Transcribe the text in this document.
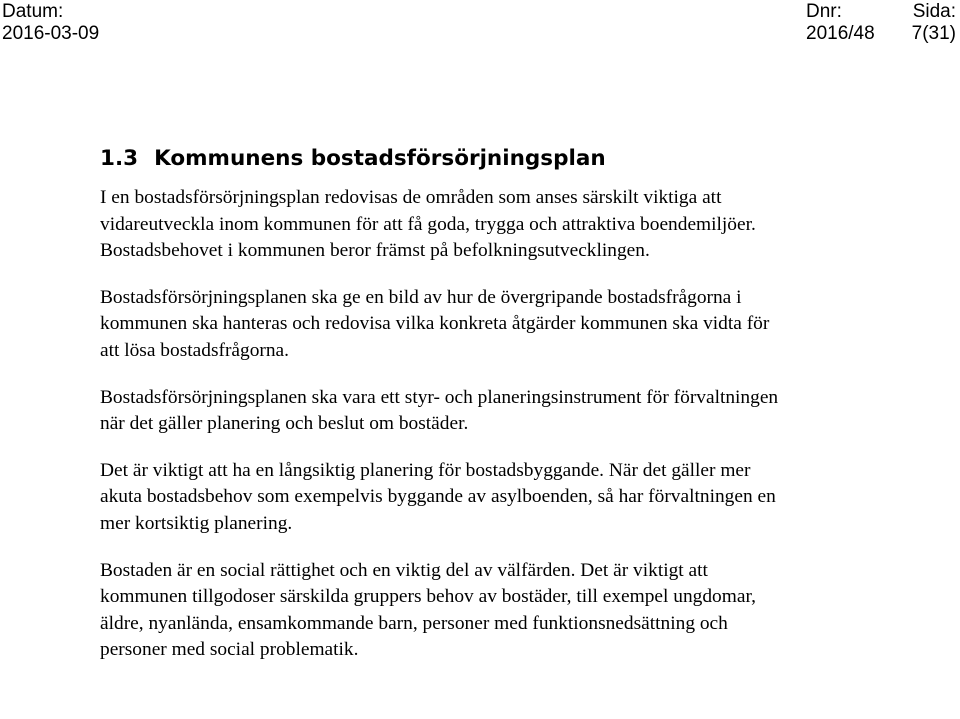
Datum:
2016-03-09
Dnr:
2016/48
Sida:
7(31)
1.3 Kommunens bostadsförsörjningsplan

I en bostadsförsörjningsplan redovisas de områden som anses särskilt viktiga att
vidareutveckla inom kommunen för att få goda, trygga och attraktiva boendemiljöer.
Bostadsbehovet i kommunen beror främst på befolkningsutvecklingen.

Bostadsförsörjningsplanen ska ge en bild av hur de övergripande bostadsfrågorna i
kommunen ska hanteras och redovisa vilka konkreta åtgärder kommunen ska vidta för
att lösa bostadsfrågorna.

Bostadsförsörjningsplanen ska vara ett styr- och planeringsinstrument för förvaltningen
när det gäller planering och beslut om bostäder.

Det är viktigt att ha en långsiktig planering för bostadsbyggande. När det gäller mer
akuta bostadsbehov som exempelvis byggande av asylboenden, så har förvaltningen en
mer kortsiktig planering.

Bostaden är en social rättighet och en viktig del av välfärden. Det är viktigt att
kommunen tillgodoser särskilda gruppers behov av bostäder, till exempel ungdomar,
äldre, nyanlända, ensamkommande barn, personer med funktionsnedsättning och
personer med social problematik.
